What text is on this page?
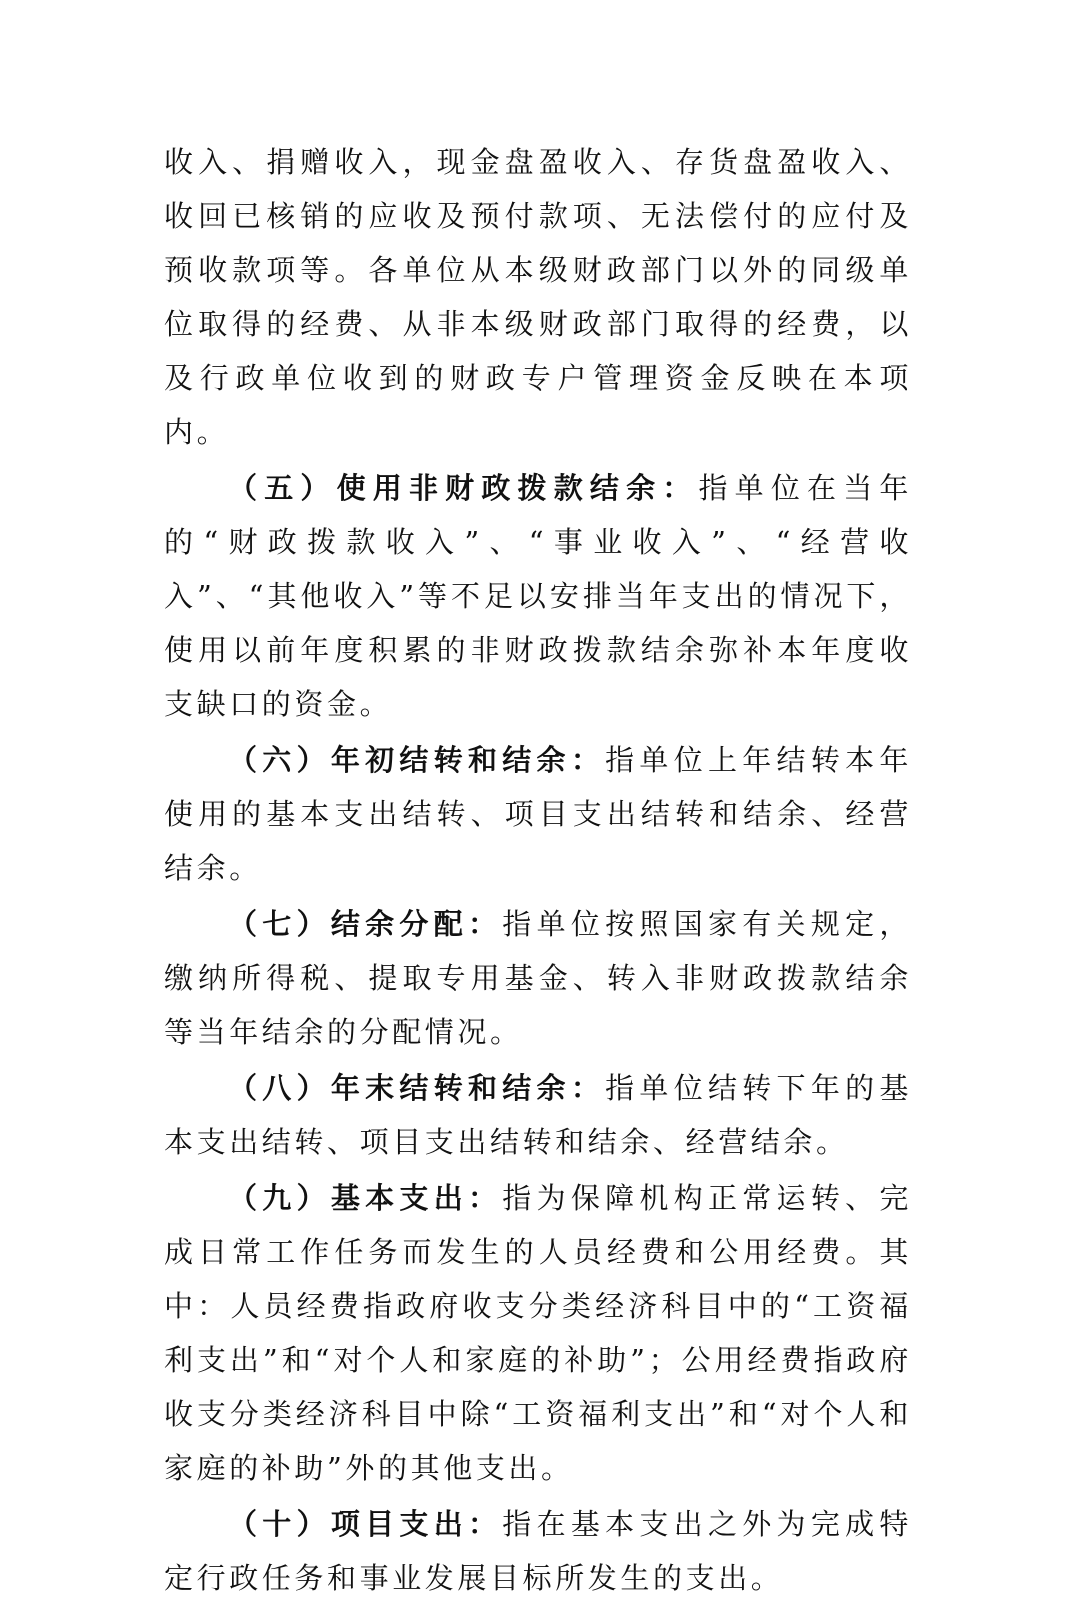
收入、捐赠收入，现金盘盈收入、存货盘盈收入、收回已核销的应收及预付款项、无法偿付的应付及预收款项等。各单位从本级财政部门以外的同级单位取得的经费、从非本级财政部门取得的经费，以及行政单位收到的财政专户管理资金反映在本项内。

（五）使用非财政拨款结余：指单位在当年的“财政拨款收入”、“事业收入”、“经营收入”、“其他收入”等不足以安排当年支出的情况下，使用以前年度积累的非财政拨款结余弥补本年度收支缺口的资金。

（六）年初结转和结余：指单位上年结转本年使用的基本支出结转、项目支出结转和结余、经营结余。

（七）结余分配：指单位按照国家有关规定，缴纳所得税、提取专用基金、转入非财政拨款结余等当年结余的分配情况。

（八）年末结转和结余：指单位结转下年的基本支出结转、项目支出结转和结余、经营结余。

（九）基本支出：指为保障机构正常运转、完成日常工作任务而发生的人员经费和公用经费。其中：人员经费指政府收支分类经济科目中的“工资福利支出”和“对个人和家庭的补助”；公用经费指政府收支分类经济科目中除“工资福利支出”和“对个人和家庭的补助”外的其他支出。

（十）项目支出：指在基本支出之外为完成特定行政任务和事业发展目标所发生的支出。
